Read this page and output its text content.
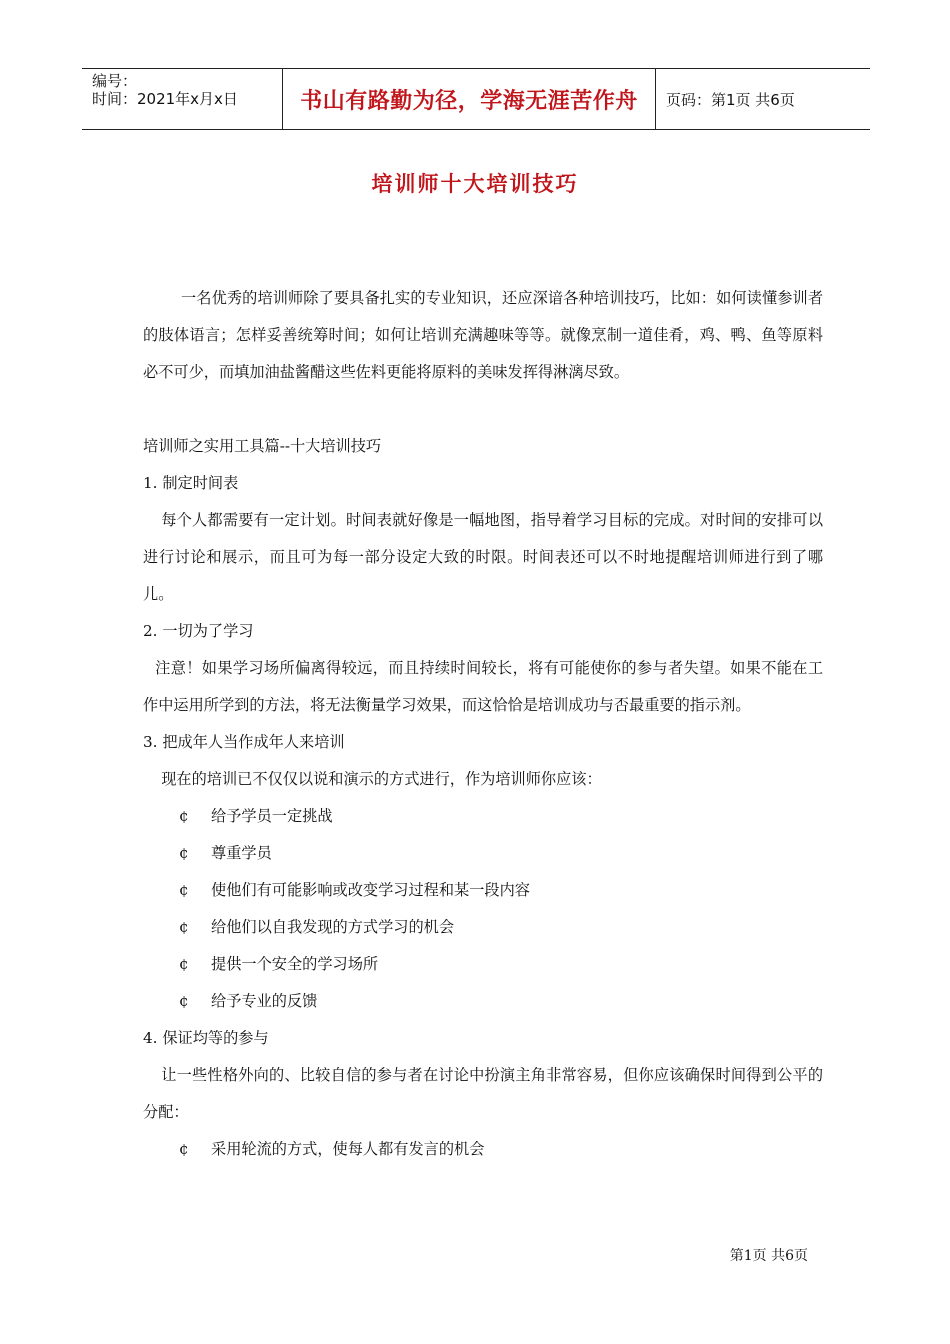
编号：
时间：2021年x月x日	书山有路勤为径，学海无涯苦作舟	页码：第1页 共6页
培训师十大培训技巧

一名优秀的培训师除了要具备扎实的专业知识，还应深谙各种培训技巧，比如：如何读懂参训者的肢体语言；怎样妥善统筹时间；如何让培训充满趣味等等。就像烹制一道佳肴，鸡、鸭、鱼等原料必不可少，而填加油盐酱醋这些佐料更能将原料的美味发挥得淋漓尽致。

培训师之实用工具篇--十大培训技巧

1. 制定时间表

每个人都需要有一定计划。时间表就好像是一幅地图，指导着学习目标的完成。对时间的安排可以进行讨论和展示，而且可为每一部分设定大致的时限。时间表还可以不时地提醒培训师进行到了哪儿。

2. 一切为了学习

注意！如果学习场所偏离得较远，而且持续时间较长，将有可能使你的参与者失望。如果不能在工作中运用所学到的方法，将无法衡量学习效果，而这恰恰是培训成功与否最重要的指示剂。

3. 把成年人当作成年人来培训

现在的培训已不仅仅以说和演示的方式进行，作为培训师你应该：

¢	给予学员一定挑战
¢	尊重学员
¢	使他们有可能影响或改变学习过程和某一段内容
¢	给他们以自我发现的方式学习的机会
¢	提供一个安全的学习场所
¢	给予专业的反馈

4. 保证均等的参与

让一些性格外向的、比较自信的参与者在讨论中扮演主角非常容易，但你应该确保时间得到公平的分配：

¢	采用轮流的方式，使每人都有发言的机会
第1页 共6页
